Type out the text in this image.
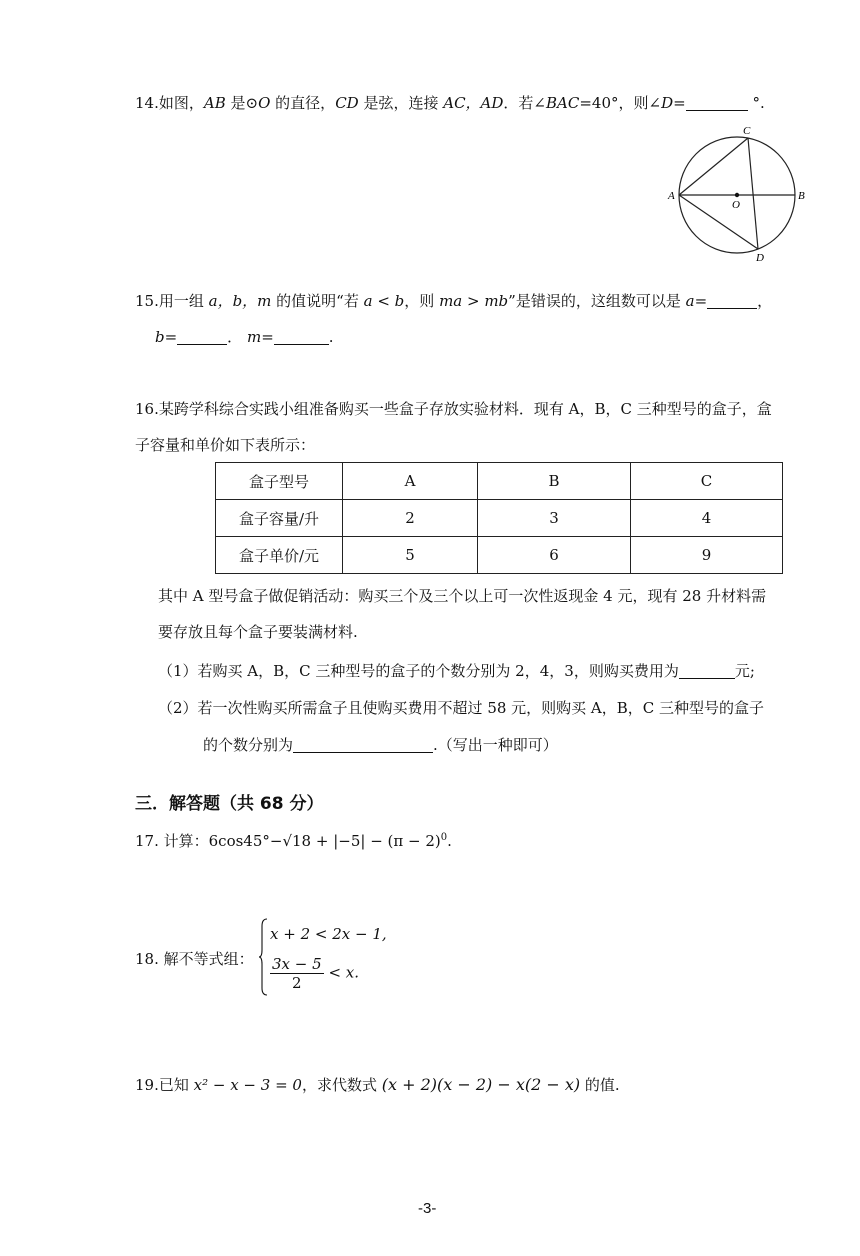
14.如图，AB 是⊙O 的直径，CD 是弦，连接 AC，AD．若∠BAC=40°，则∠D=	°.
A	B
C
D
O
15.用一组 a，b，m 的值说明“若 a < b，则 ma > mb”是错误的，这组数可以是 a=	，
b=	． m=	.
16.某跨学科综合实践小组准备购买一些盒子存放实验材料．现有 A，B，C 三种型号的盒子，盒
子容量和单价如下表所示：
盒子型号	A	B	C
盒子容量/升	2	3	4
盒子单价/元	5	6	9
其中 A 型号盒子做促销活动：购买三个及三个以上可一次性返现金 4 元，现有 28 升材料需
要存放且每个盒子要装满材料.
（1）若购买 A，B，C 三种型号的盒子的个数分别为 2，4，3，则购买费用为	元;
（2）若一次性购买所需盒子且使购买费用不超过 58 元，则购买 A，B，C 三种型号的盒子
的个数分别为	.（写出一种即可）
三．解答题（共 68 分）
17. 计算：$6\cos 45^\circ-√18 + |-5| - (\pi - 2)^0$.
18. 解不等式组：
x + 2 < 2x − 1,
$\frac{3x - 5}{2} < x$.
19.已知 x² − x − 3 = 0，求代数式 (x + 2)(x − 2) − x(2 − x) 的值.
-3-
